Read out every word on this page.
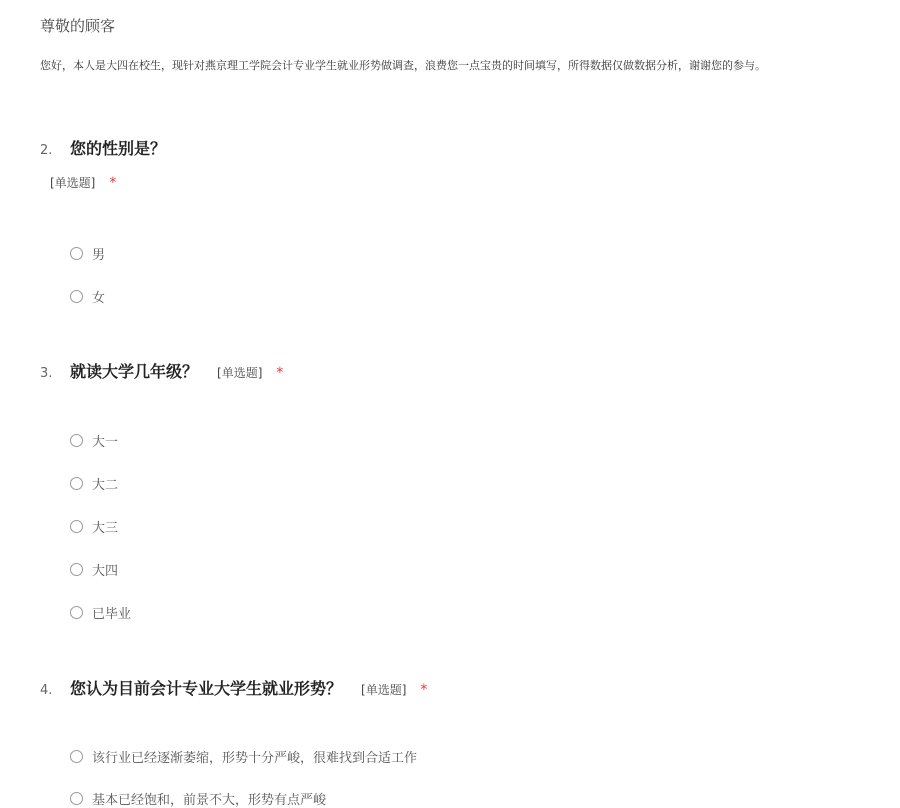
尊敬的顾客
您好，本人是大四在校生，现针对燕京理工学院会计专业学生就业形势做调查，浪费您一点宝贵的时间填写，所得数据仅做数据分析，谢谢您的参与。
2.	您的性别是？
[单选题] *
男
女
3.	就读大学几年级？ [单选题] *
大一
大二
大三
大四
已毕业
4.	您认为目前会计专业大学生就业形势？ [单选题] *
该行业已经逐渐萎缩，形势十分严峻，很难找到合适工作
基本已经饱和，前景不大，形势有点严峻
